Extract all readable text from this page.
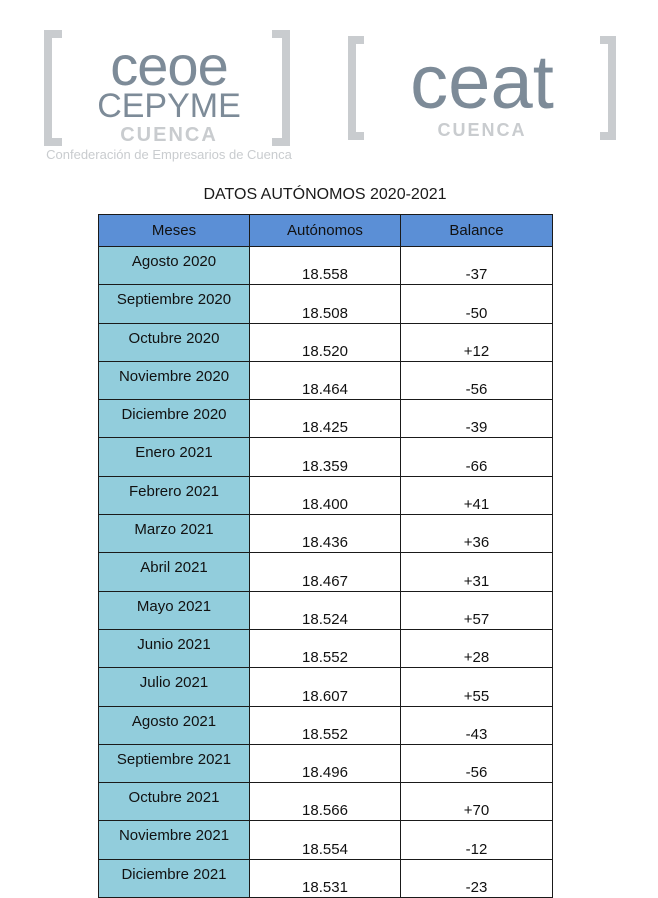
ceoe
CEPYME
CUENCA
Confederación de Empresarios de Cuenca
ceat
CUENCA
DATOS AUTÓNOMOS 2020-2021
Meses	Autónomos	Balance
Agosto 2020	18.558	-37
Septiembre 2020	18.508	-50
Octubre 2020	18.520	+12
Noviembre 2020	18.464	-56
Diciembre 2020	18.425	-39
Enero 2021	18.359	-66
Febrero 2021	18.400	+41
Marzo 2021	18.436	+36
Abril 2021	18.467	+31
Mayo 2021	18.524	+57
Junio 2021	18.552	+28
Julio 2021	18.607	+55
Agosto 2021	18.552	-43
Septiembre 2021	18.496	-56
Octubre 2021	18.566	+70
Noviembre 2021	18.554	-12
Diciembre 2021	18.531	-23
